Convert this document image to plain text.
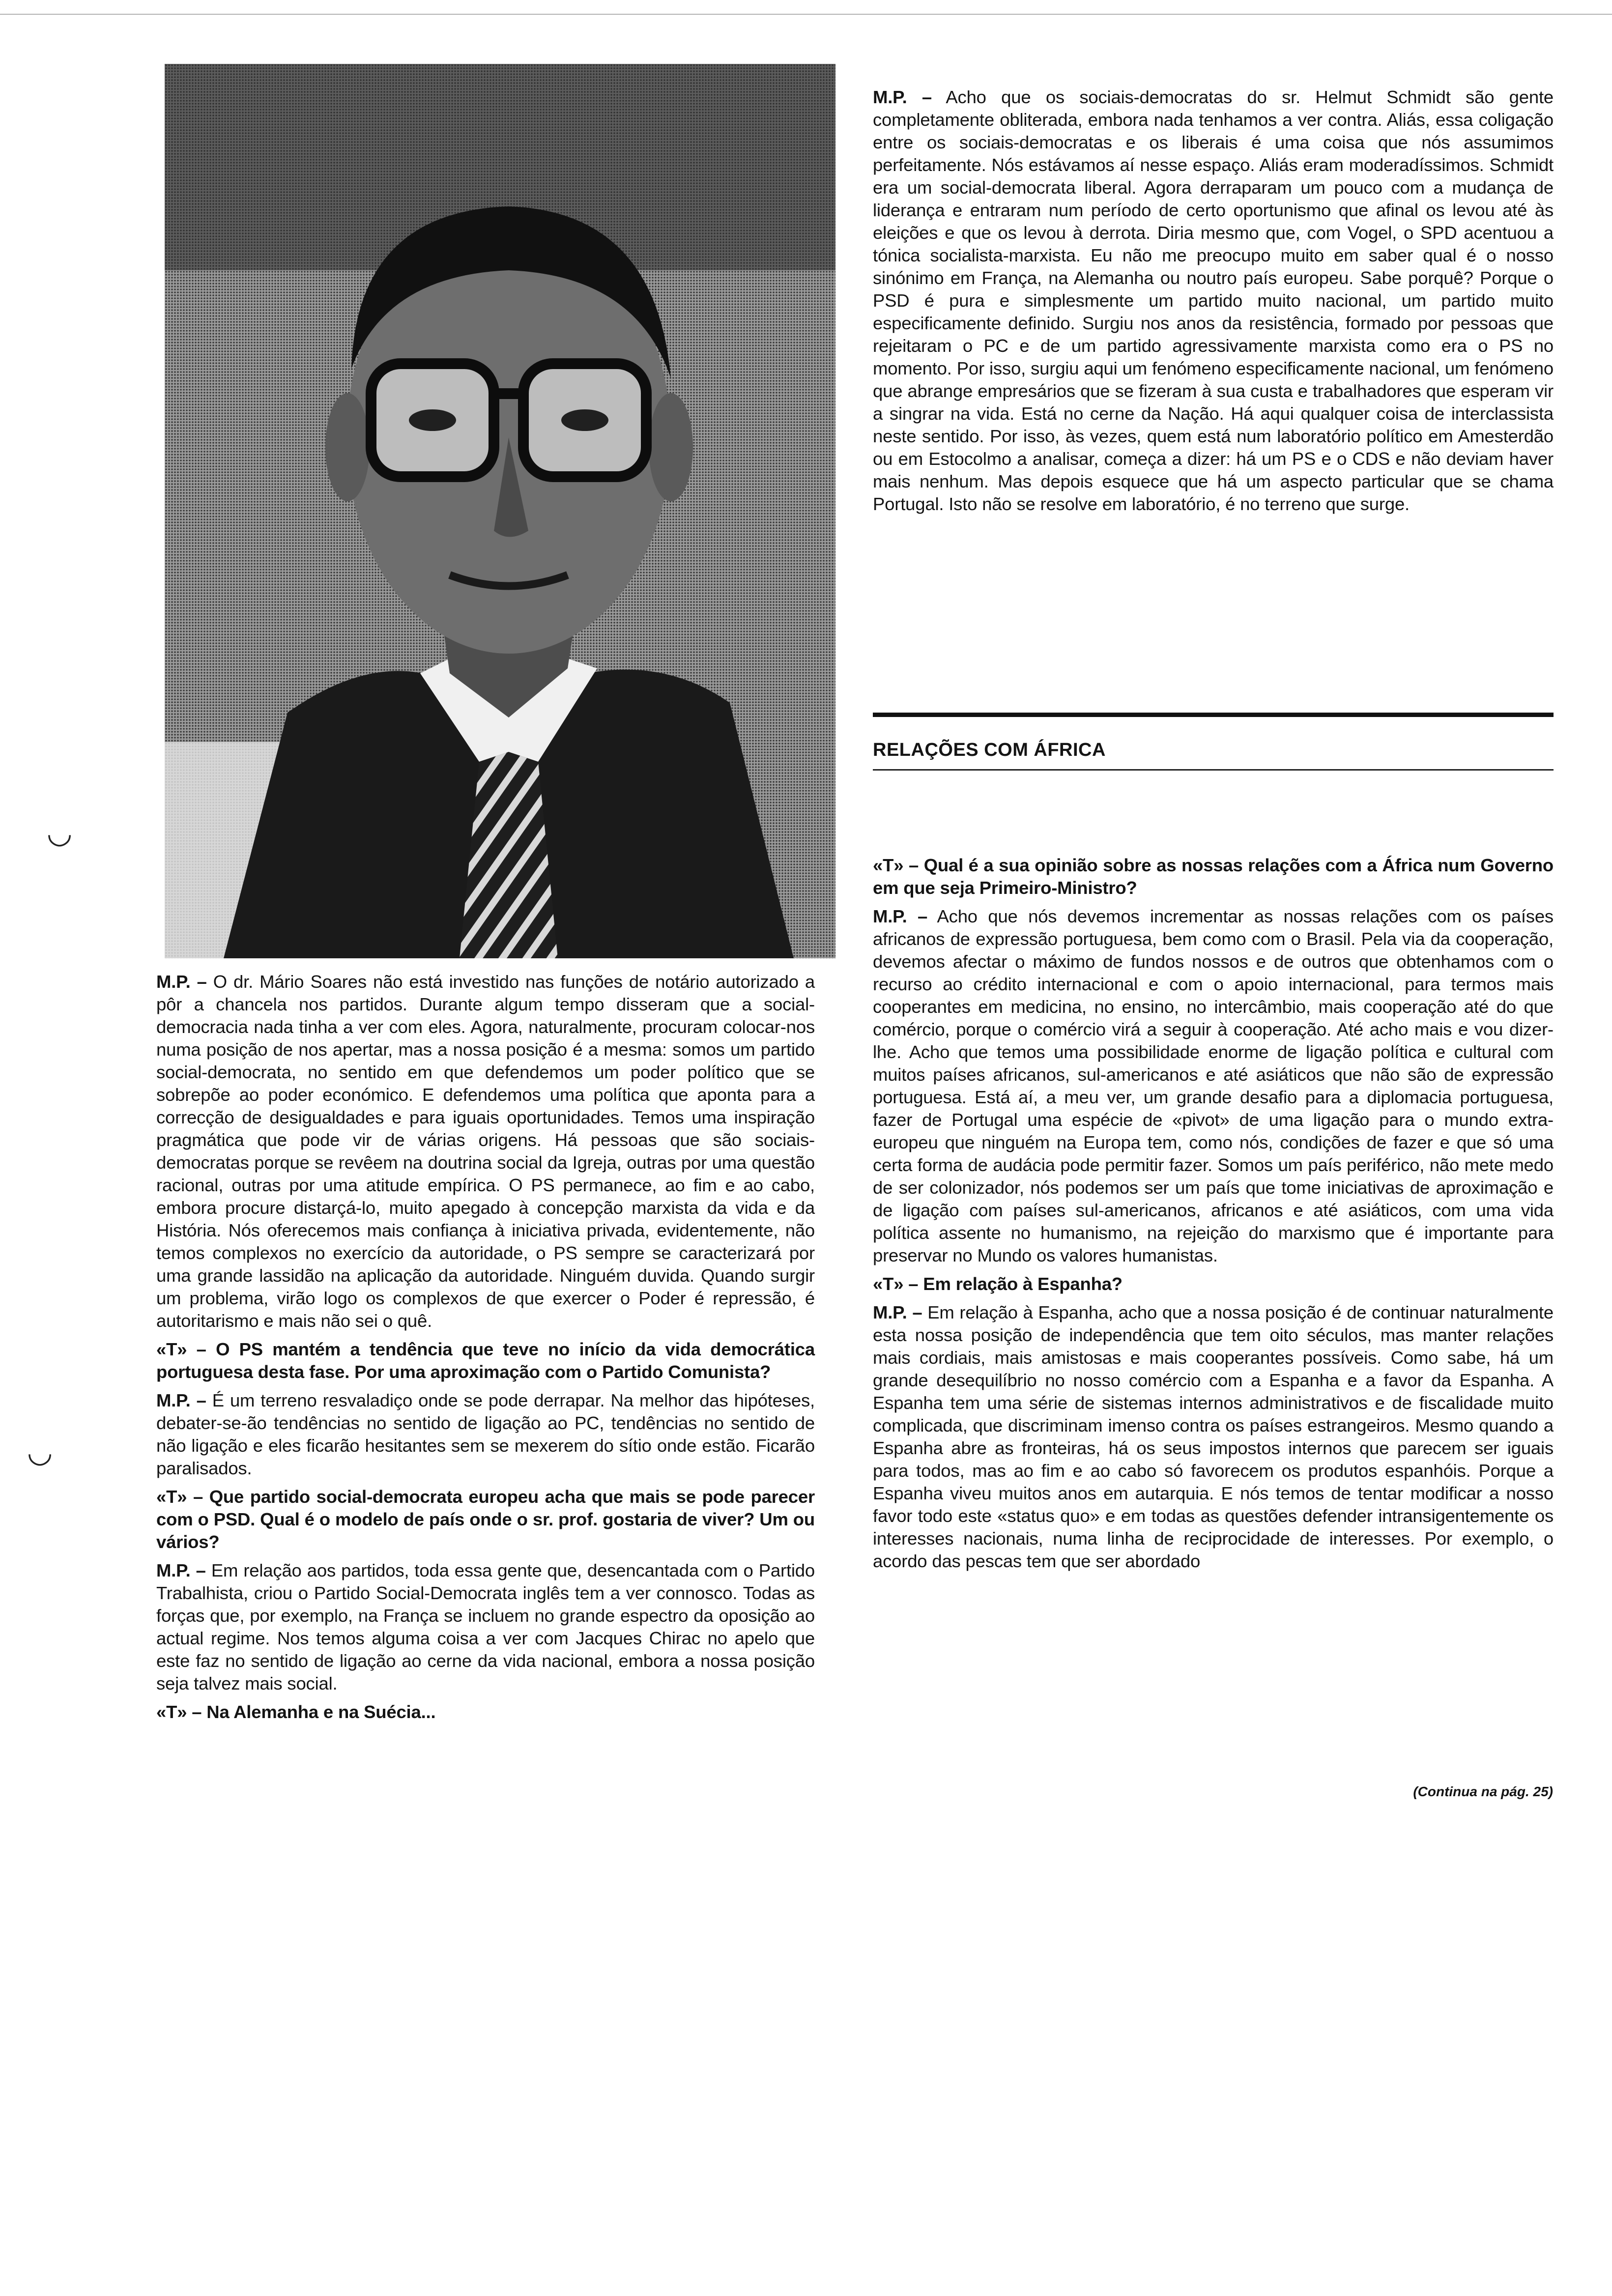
M.P. – O dr. Mário Soares não está investido nas funções de notário autorizado a pôr a chancela nos partidos. Durante algum tempo disseram que a social-democracia nada tinha a ver com eles. Agora, naturalmente, procuram colocar-nos numa posição de nos apertar, mas a nossa posição é a mesma: somos um partido social-democrata, no sentido em que defendemos um poder político que se sobrepõe ao poder económico. E defendemos uma política que aponta para a correcção de desigualdades e para iguais oportunidades. Temos uma inspiração pragmática que pode vir de várias origens. Há pessoas que são sociais-democratas porque se revêem na doutrina social da Igreja, outras por uma questão racional, outras por uma atitude empírica. O PS permanece, ao fim e ao cabo, embora procure distarçá-lo, muito apegado à concepção marxista da vida e da História. Nós oferecemos mais confiança à iniciativa privada, evidentemente, não temos complexos no exercício da autoridade, o PS sempre se caracterizará por uma grande lassidão na aplicação da autoridade. Ninguém duvida. Quando surgir um problema, virão logo os complexos de que exercer o Poder é repressão, é autoritarismo e mais não sei o quê.

«T» – O PS mantém a tendência que teve no início da vida democrática portuguesa desta fase. Por uma aproximação com o Partido Comunista?

M.P. – É um terreno resvaladiço onde se pode derrapar. Na melhor das hipóteses, debater-se-ão tendências no sentido de ligação ao PC, tendências no sentido de não ligação e eles ficarão hesitantes sem se mexerem do sítio onde estão. Ficarão paralisados.

«T» – Que partido social-democrata europeu acha que mais se pode parecer com o PSD. Qual é o modelo de país onde o sr. prof. gostaria de viver? Um ou vários?

M.P. – Em relação aos partidos, toda essa gente que, desencantada com o Partido Trabalhista, criou o Partido Social-Democrata inglês tem a ver connosco. Todas as forças que, por exemplo, na França se incluem no grande espectro da oposição ao actual regime. Nos temos alguma coisa a ver com Jacques Chirac no apelo que este faz no sentido de ligação ao cerne da vida nacional, embora a nossa posição seja talvez mais social.

«T» – Na Alemanha e na Suécia...

M.P. – Acho que os sociais-democratas do sr. Helmut Schmidt são gente completamente obliterada, embora nada tenhamos a ver contra. Aliás, essa coligação entre os sociais-democratas e os liberais é uma coisa que nós assumimos perfeitamente. Nós estávamos aí nesse espaço. Aliás eram moderadíssimos. Schmidt era um social-democrata liberal. Agora derraparam um pouco com a mudança de liderança e entraram num período de certo oportunismo que afinal os levou até às eleições e que os levou à derrota. Diria mesmo que, com Vogel, o SPD acentuou a tónica socialista-marxista. Eu não me preocupo muito em saber qual é o nosso sinónimo em França, na Alemanha ou noutro país europeu. Sabe porquê? Porque o PSD é pura e simplesmente um partido muito nacional, um partido muito especificamente definido. Surgiu nos anos da resistência, formado por pessoas que rejeitaram o PC e de um partido agressivamente marxista como era o PS no momento. Por isso, surgiu aqui um fenómeno especificamente nacional, um fenómeno que abrange empresários que se fizeram à sua custa e trabalhadores que esperam vir a singrar na vida. Está no cerne da Nação. Há aqui qualquer coisa de interclassista neste sentido. Por isso, às vezes, quem está num laboratório político em Amesterdão ou em Estocolmo a analisar, começa a dizer: há um PS e o CDS e não deviam haver mais nenhum. Mas depois esquece que há um aspecto particular que se chama Portugal. Isto não se resolve em laboratório, é no terreno que surge.

RELAÇÕES COM ÁFRICA

«T» – Qual é a sua opinião sobre as nossas relações com a África num Governo em que seja Primeiro-Ministro?

M.P. – Acho que nós devemos incrementar as nossas relações com os países africanos de expressão portuguesa, bem como com o Brasil. Pela via da cooperação, devemos afectar o máximo de fundos nossos e de outros que obtenhamos com o recurso ao crédito internacional e com o apoio internacional, para termos mais cooperantes em medicina, no ensino, no intercâmbio, mais cooperação até do que comércio, porque o comércio virá a seguir à cooperação. Até acho mais e vou dizer-lhe. Acho que temos uma possibilidade enorme de ligação política e cultural com muitos países africanos, sul-americanos e até asiáticos que não são de expressão portuguesa. Está aí, a meu ver, um grande desafio para a diplomacia portuguesa, fazer de Portugal uma espécie de «pivot» de uma ligação para o mundo extra-europeu que ninguém na Europa tem, como nós, condições de fazer e que só uma certa forma de audácia pode permitir fazer. Somos um país periférico, não mete medo de ser colonizador, nós podemos ser um país que tome iniciativas de aproximação e de ligação com países sul-americanos, africanos e até asiáticos, com uma vida política assente no humanismo, na rejeição do marxismo que é importante para preservar no Mundo os valores humanistas.

«T» – Em relação à Espanha?

M.P. – Em relação à Espanha, acho que a nossa posição é de continuar naturalmente esta nossa posição de independência que tem oito séculos, mas manter relações mais cordiais, mais amistosas e mais cooperantes possíveis. Como sabe, há um grande desequilíbrio no nosso comércio com a Espanha e a favor da Espanha. A Espanha tem uma série de sistemas internos administrativos e de fiscalidade muito complicada, que discriminam imenso contra os países estrangeiros. Mesmo quando a Espanha abre as fronteiras, há os seus impostos internos que parecem ser iguais para todos, mas ao fim e ao cabo só favorecem os produtos espanhóis. Porque a Espanha viveu muitos anos em autarquia. E nós temos de tentar modificar a nosso favor todo este «status quo» e em todas as questões defender intransigentemente os interesses nacionais, numa linha de reciprocidade de interesses. Por exemplo, o acordo das pescas tem que ser abordado

(Continua na pág. 25)
◡
◡
